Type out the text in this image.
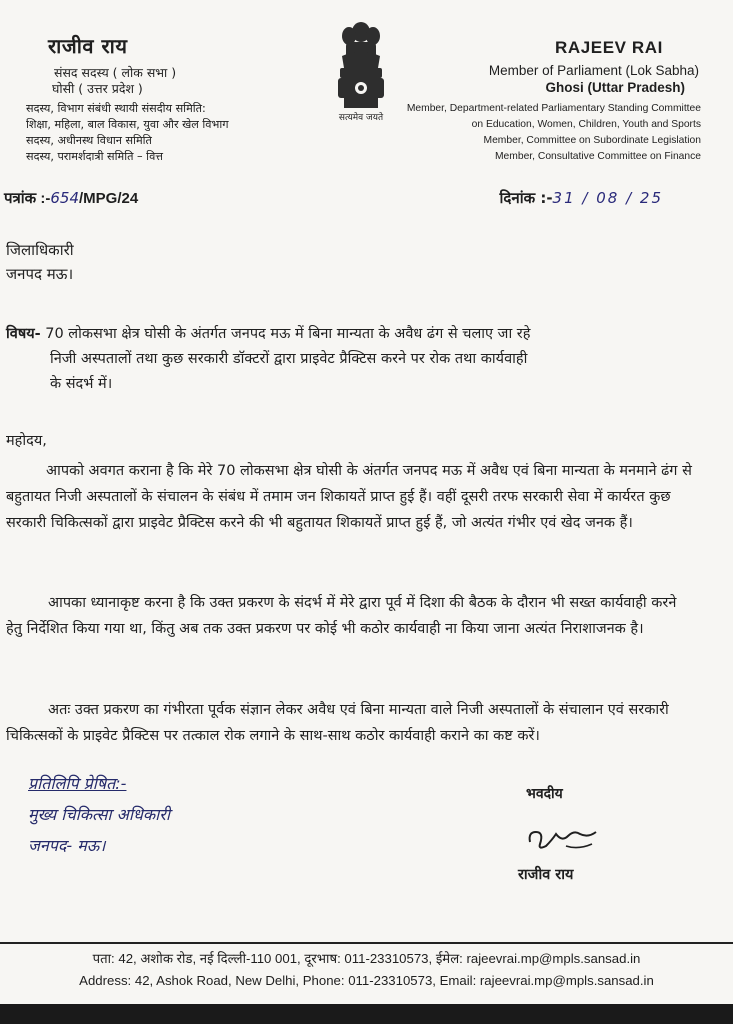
राजीव राय
संसद सदस्य ( लोक सभा )
घोसी ( उत्तर प्रदेश )
सदस्य, विभाग संबंधी स्थायी संसदीय समिति:
शिक्षा, महिला, बाल विकास, युवा और खेल विभाग
सदस्य, अधीनस्थ विधान समिति
सदस्य, परामर्शदात्री समिति – वित्त
सत्यमेव जयते
RAJEEV RAI
Member of Parliament (Lok Sabha)
Ghosi (Uttar Pradesh)
Member, Department-related Parliamentary Standing Committee
on Education, Women, Children, Youth and Sports
Member, Committee on Subordinate Legislation
Member, Consultative Committee on Finance
पत्रांक :-654/MPG/24	दिनांक :-31 / 08 / 25
जिलाधिकारी
जनपद मऊ।
विषय- 70 लोकसभा क्षेत्र घोसी के अंतर्गत जनपद मऊ में बिना मान्यता के अवैध ढंग से चलाए जा रहे
निजी अस्पतालों तथा कुछ सरकारी डॉक्टरों द्वारा प्राइवेट प्रैक्टिस करने पर रोक तथा कार्यवाही
के संदर्भ में।

महोदय,

आपको अवगत कराना है कि मेरे 70 लोकसभा क्षेत्र घोसी के अंतर्गत जनपद मऊ में अवैध एवं बिना मान्यता के मनमाने ढंग से बहुतायत निजी अस्पतालों के संचालन के संबंध में तमाम जन शिकायतें प्राप्त हुई हैं। वहीं दूसरी तरफ सरकारी सेवा में कार्यरत कुछ सरकारी चिकित्सकों द्वारा प्राइवेट प्रैक्टिस करने की भी बहुतायत शिकायतें प्राप्त हुई हैं, जो अत्यंत गंभीर एवं खेद जनक हैं।

आपका ध्यानाकृष्ट करना है कि उक्त प्रकरण के संदर्भ में मेरे द्वारा पूर्व में दिशा की बैठक के दौरान भी सख्त कार्यवाही करने हेतु निर्देशित किया गया था, किंतु अब तक उक्त प्रकरण पर कोई भी कठोर कार्यवाही ना किया जाना अत्यंत निराशाजनक है।

अतः उक्त प्रकरण का गंभीरता पूर्वक संज्ञान लेकर अवैध एवं बिना मान्यता वाले निजी अस्पतालों के संचालान एवं सरकारी चिकित्सकों के प्राइवेट प्रैक्टिस पर तत्काल रोक लगाने के साथ-साथ कठोर कार्यवाही कराने का कष्ट करें।

प्रतिलिपि प्रेषित:-
मुख्य चिकित्सा अधिकारी
जनपद- मऊ।
भवदीय
राजीव राय
पता: 42, अशोक रोड, नई दिल्ली-110 001, दूरभाष: 011-23310573, ईमेल: rajeevrai.mp@mpls.sansad.in
Address: 42, Ashok Road, New Delhi, Phone: 011-23310573, Email: rajeevrai.mp@mpls.sansad.in
